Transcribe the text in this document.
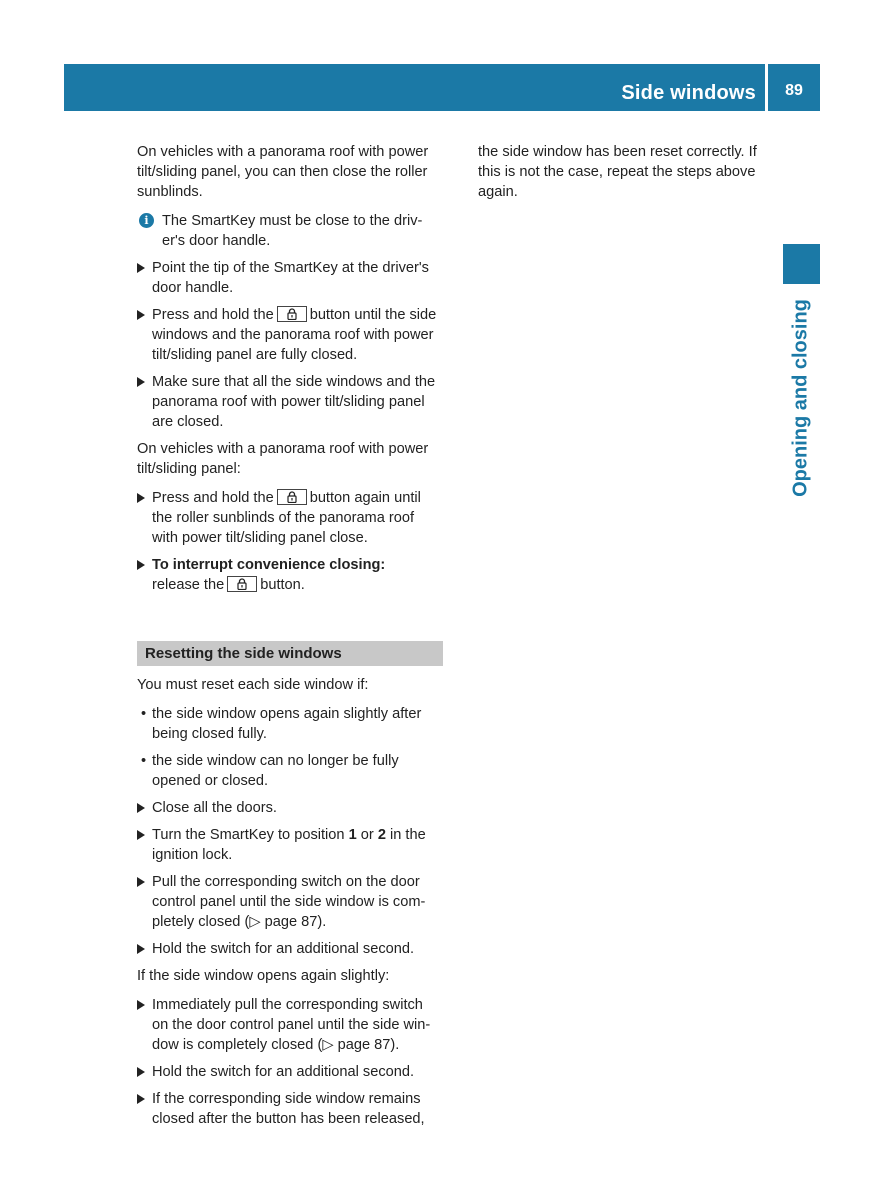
Side windows	89
Opening and closing

On vehicles with a panorama roof with power tilt/sliding panel, you can then close the roller sunblinds.

i The SmartKey must be close to the driv-er's door handle.
Point the tip of the SmartKey at the driver's door handle.
Press and hold the button until the side windows and the panorama roof with power tilt/sliding panel are fully closed.
Make sure that all the side windows and the panorama roof with power tilt/sliding panel are closed.

On vehicles with a panorama roof with power tilt/sliding panel:

Press and hold the button again until the roller sunblinds of the panorama roof with power tilt/sliding panel close.
To interrupt convenience closing:
release the button.
Resetting the side windows

You must reset each side window if:

• the side window opens again slightly after being closed fully.
• the side window can no longer be fully opened or closed.
Close all the doors.
Turn the SmartKey to position 1 or 2 in the ignition lock.
Pull the corresponding switch on the door control panel until the side window is com-pletely closed (▷ page 87).
Hold the switch for an additional second.

If the side window opens again slightly:

Immediately pull the corresponding switch on the door control panel until the side win-dow is completely closed (▷ page 87).
Hold the switch for an additional second.
If the corresponding side window remains closed after the button has been released,

the side window has been reset correctly. If this is not the case, repeat the steps above again.
